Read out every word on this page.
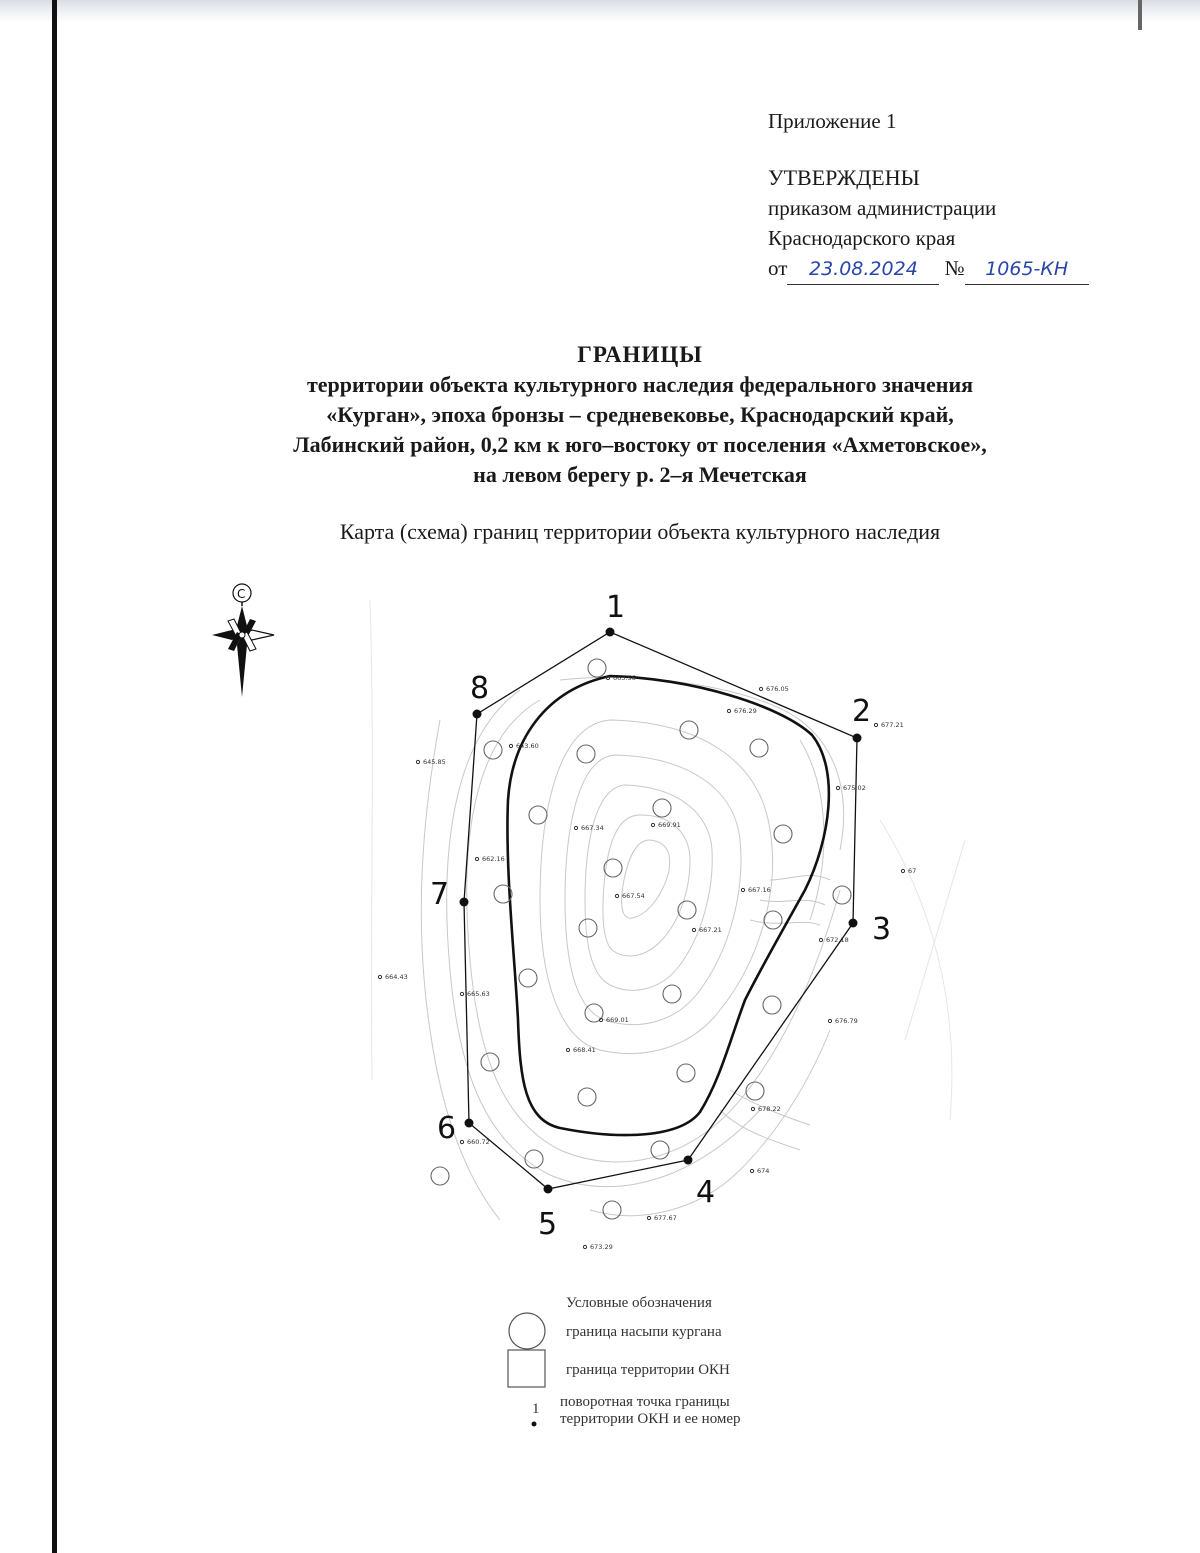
Приложение 1
УТВЕРЖДЕНЫ
приказом администрации
Краснодарского края
от 23.08.2024 № 1065-КН
ГРАНИЦЫ
территории объекта культурного наследия федерального значения
«Курган», эпоха бронзы – средневековье, Краснодарский край,
Лабинский район, 0,2 км к юго–востоку от поселения «Ахметовское»,
на левом берегу р. 2–я Мечетская
Карта (схема) границ территории объекта культурного наследия
676.05
676.29
677.21
675.02
663.56
667.34	669.91
645.85
662.16
667.54
667.16
667.21
672.18
664.43
665.63
669.01
668.41
676.79
678.22
674
677.67
673.29
660.72
643.60
67
1
2
3
4
5
6
7
8
С
Условные обозначения
граница насыпи кургана
граница территории ОКН
1 поворотная точка границы
территории ОКН и ее номер
